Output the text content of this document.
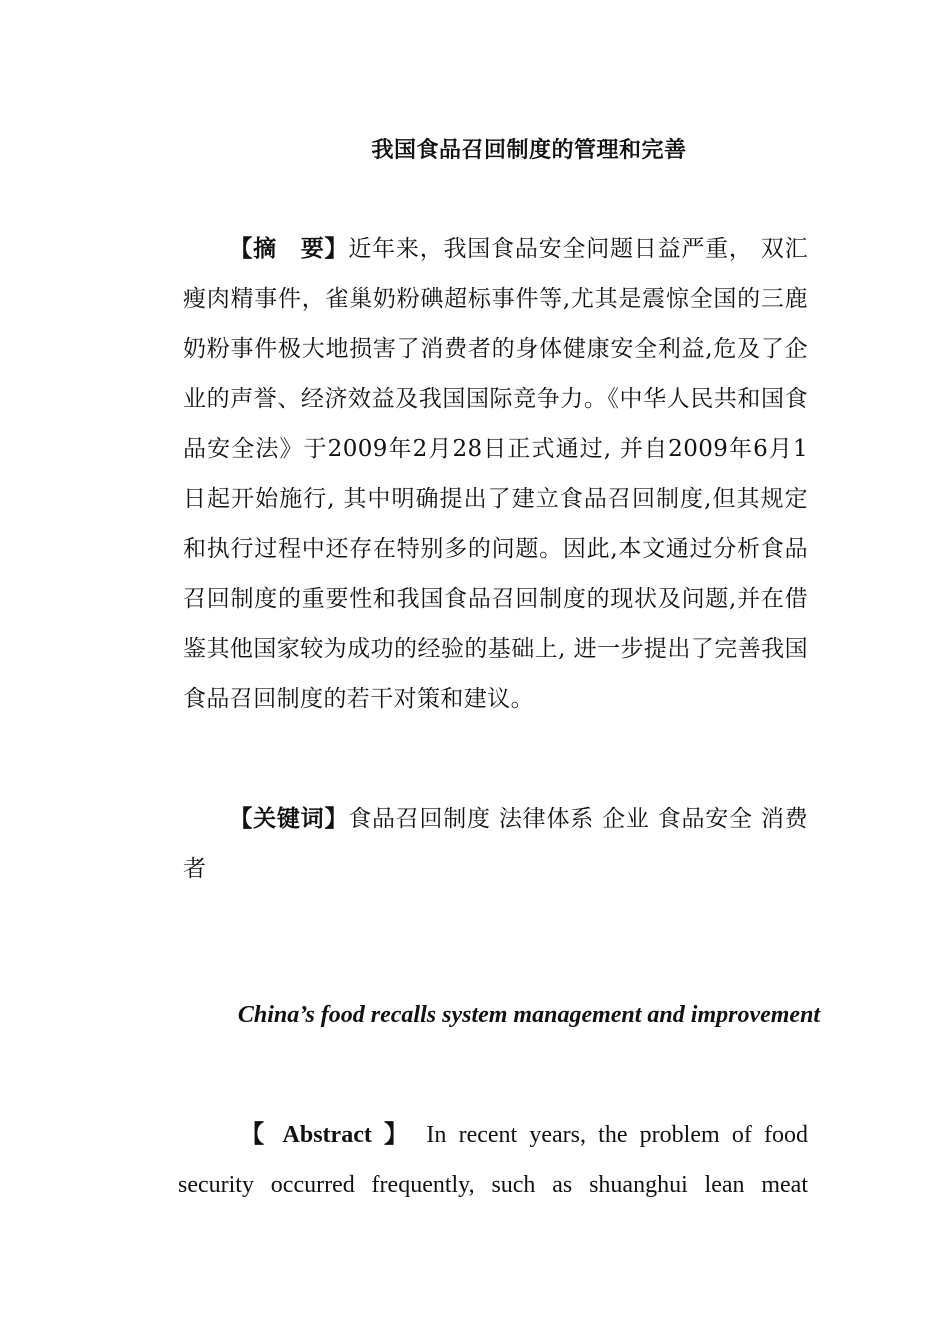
我国食品召回制度的管理和完善
【摘　要】近年来，我国食品安全问题日益严重， 双汇瘦肉精事件，雀巢奶粉碘超标事件等,尤其是震惊全国的三鹿奶粉事件极大地损害了消费者的身体健康安全利益,危及了企业的声誉、经济效益及我国国际竞争力。《中华人民共和国食品安全法》于2009年2月28日正式通过, 并自2009年6月1日起开始施行, 其中明确提出了建立食品召回制度,但其规定和执行过程中还存在特别多的问题。因此,本文通过分析食品召回制度的重要性和我国食品召回制度的现状及问题,并在借鉴其他国家较为成功的经验的基础上, 进一步提出了完善我国食品召回制度的若干对策和建议。
【关键词】食品召回制度 法律体系 企业 食品安全 消费者
China’s food recalls system management and improvement
【 Abstract 】 In recent years, the problem of food security occurred frequently, such as shuanghui lean meat
